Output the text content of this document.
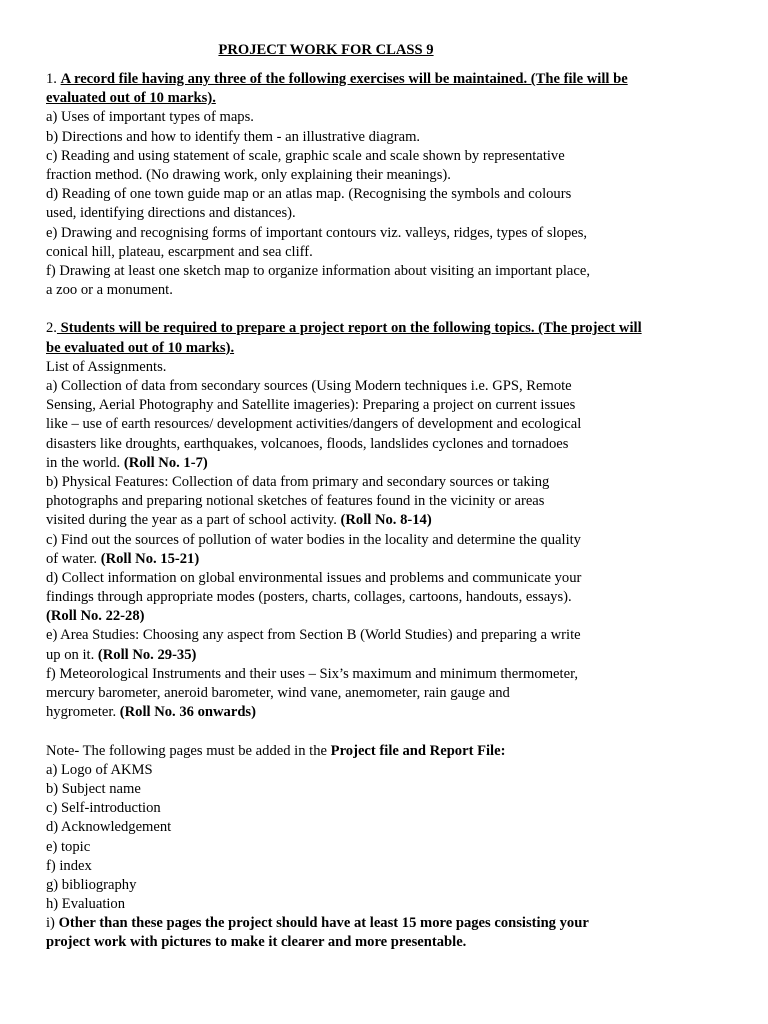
PROJECT WORK FOR CLASS 9
1. A record file having any three of the following exercises will be maintained. (The file will be
evaluated out of 10 marks).
a) Uses of important types of maps.
b) Directions and how to identify them - an illustrative diagram.
c) Reading and using statement of scale, graphic scale and scale shown by representative
fraction method. (No drawing work, only explaining their meanings).
d) Reading of one town guide map or an atlas map. (Recognising the symbols and colours
used, identifying directions and distances).
e) Drawing and recognising forms of important contours viz. valleys, ridges, types of slopes,
conical hill, plateau, escarpment and sea cliff.
f) Drawing at least one sketch map to organize information about visiting an important place,
a zoo or a monument.
2. Students will be required to prepare a project report on the following topics. (The project will
be evaluated out of 10 marks).
List of Assignments.
a) Collection of data from secondary sources (Using Modern techniques i.e. GPS, Remote
Sensing, Aerial Photography and Satellite imageries): Preparing a project on current issues
like – use of earth resources/ development activities/dangers of development and ecological
disasters like droughts, earthquakes, volcanoes, floods, landslides cyclones and tornadoes
in the world. (Roll No. 1-7)
b) Physical Features: Collection of data from primary and secondary sources or taking
photographs and preparing notional sketches of features found in the vicinity or areas
visited during the year as a part of school activity. (Roll No. 8-14)
c) Find out the sources of pollution of water bodies in the locality and determine the quality
of water. (Roll No. 15-21)
d) Collect information on global environmental issues and problems and communicate your
findings through appropriate modes (posters, charts, collages, cartoons, handouts, essays).
(Roll No. 22-28)
e) Area Studies: Choosing any aspect from Section B (World Studies) and preparing a write
up on it. (Roll No. 29-35)
f) Meteorological Instruments and their uses – Six’s maximum and minimum thermometer,
mercury barometer, aneroid barometer, wind vane, anemometer, rain gauge and
hygrometer. (Roll No. 36 onwards)
Note- The following pages must be added in the Project file and Report File:
a) Logo of AKMS
b) Subject name
c) Self-introduction
d) Acknowledgement
e) topic
f) index
g) bibliography
h) Evaluation
i) Other than these pages the project should have at least 15 more pages consisting your
project work with pictures to make it clearer and more presentable.
